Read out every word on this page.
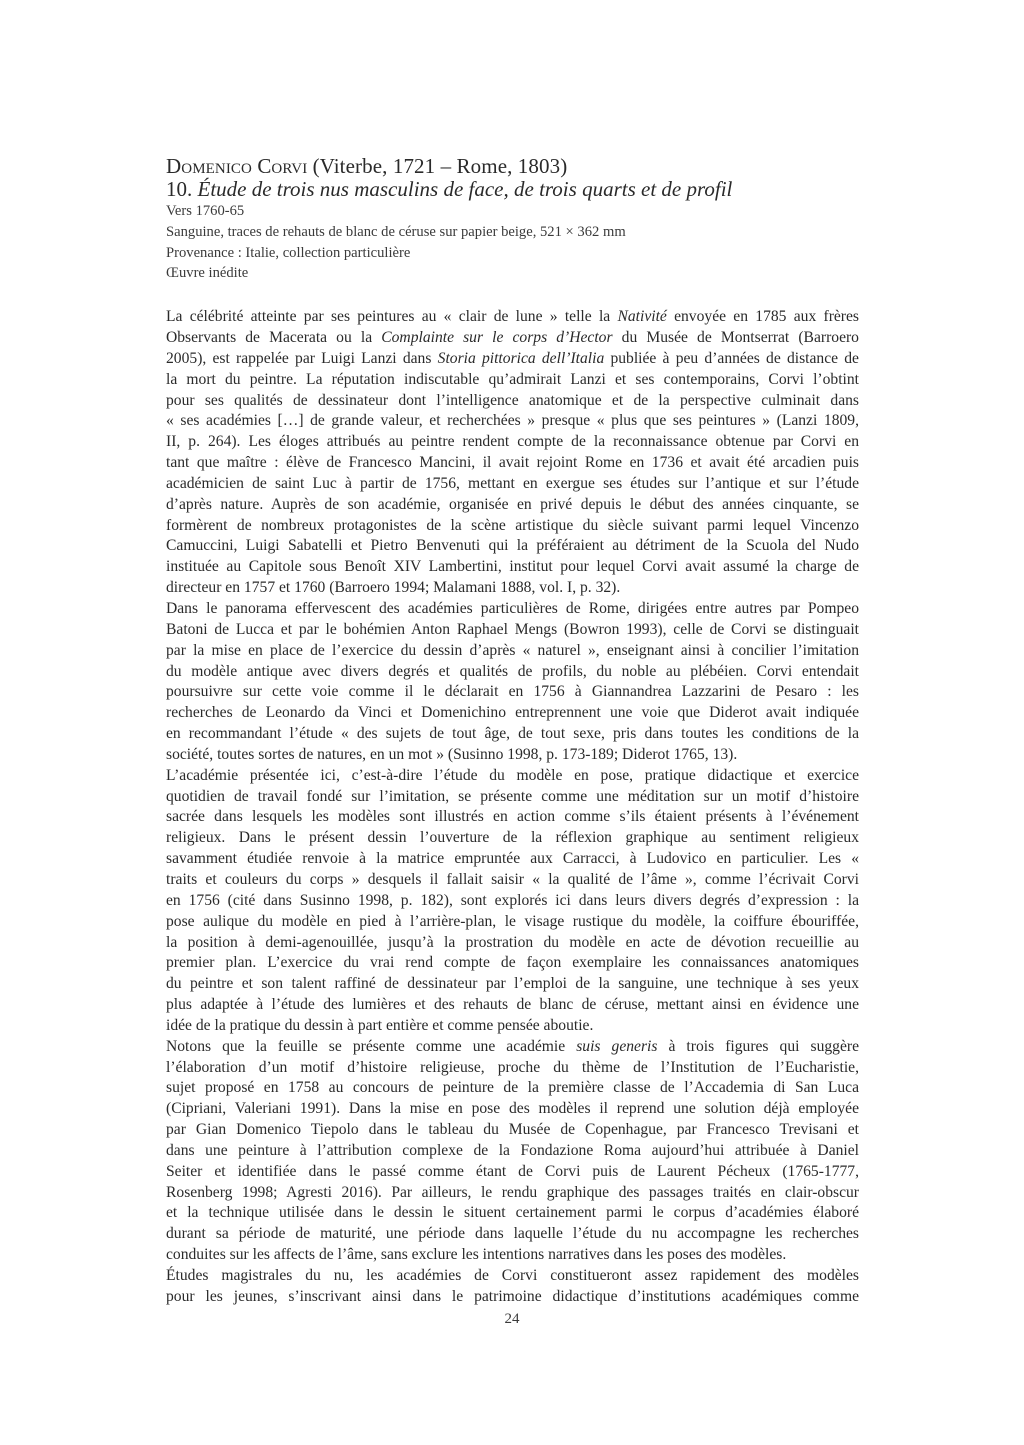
Domenico Corvi (Viterbe, 1721 – Rome, 1803)
10. Étude de trois nus masculins de face, de trois quarts et de profil
Vers 1760-65
Sanguine, traces de rehauts de blanc de céruse sur papier beige, 521 × 362 mm
Provenance : Italie, collection particulière
Œuvre inédite

La célébrité atteinte par ses peintures au « clair de lune » telle la Nativité envoyée en 1785 aux frères
Observants de Macerata ou la Complainte sur le corps d’Hector du Musée de Montserrat (Barroero
2005), est rappelée par Luigi Lanzi dans Storia pittorica dell’Italia publiée à peu d’années de distance de
la mort du peintre. La réputation indiscutable qu’admirait Lanzi et ses contemporains, Corvi l’obtint
pour ses qualités de dessinateur dont l’intelligence anatomique et de la perspective culminait dans
« ses académies […] de grande valeur, et recherchées » presque « plus que ses peintures » (Lanzi 1809,
II, p. 264). Les éloges attribués au peintre rendent compte de la reconnaissance obtenue par Corvi en
tant que maître : élève de Francesco Mancini, il avait rejoint Rome en 1736 et avait été arcadien puis
académicien de saint Luc à partir de 1756, mettant en exergue ses études sur l’antique et sur l’étude
d’après nature. Auprès de son académie, organisée en privé depuis le début des années cinquante, se
formèrent de nombreux protagonistes de la scène artistique du siècle suivant parmi lequel Vincenzo
Camuccini, Luigi Sabatelli et Pietro Benvenuti qui la préféraient au détriment de la Scuola del Nudo
instituée au Capitole sous Benoît XIV Lambertini, institut pour lequel Corvi avait assumé la charge de
directeur en 1757 et 1760 (Barroero 1994; Malamani 1888, vol. I, p. 32).

Dans le panorama effervescent des académies particulières de Rome, dirigées entre autres par Pompeo
Batoni de Lucca et par le bohémien Anton Raphael Mengs (Bowron 1993), celle de Corvi se distinguait
par la mise en place de l’exercice du dessin d’après « naturel », enseignant ainsi à concilier l’imitation
du modèle antique avec divers degrés et qualités de profils, du noble au plébéien. Corvi entendait
poursuivre sur cette voie comme il le déclarait en 1756 à Giannandrea Lazzarini de Pesaro : les
recherches de Leonardo da Vinci et Domenichino entreprennent une voie que Diderot avait indiquée
en recommandant l’étude « des sujets de tout âge, de tout sexe, pris dans toutes les conditions de la
société, toutes sortes de natures, en un mot » (Susinno 1998, p. 173-189; Diderot 1765, 13).

L’académie présentée ici, c’est-à-dire l’étude du modèle en pose, pratique didactique et exercice
quotidien de travail fondé sur l’imitation, se présente comme une méditation sur un motif d’histoire
sacrée dans lesquels les modèles sont illustrés en action comme s’ils étaient présents à l’événement
religieux. Dans le présent dessin l’ouverture de la réflexion graphique au sentiment religieux
savamment étudiée renvoie à la matrice empruntée aux Carracci, à Ludovico en particulier. Les «
traits et couleurs du corps » desquels il fallait saisir « la qualité de l’âme », comme l’écrivait Corvi
en 1756 (cité dans Susinno 1998, p. 182), sont explorés ici dans leurs divers degrés d’expression : la
pose aulique du modèle en pied à l’arrière-plan, le visage rustique du modèle, la coiffure ébouriffée,
la position à demi-agenouillée, jusqu’à la prostration du modèle en acte de dévotion recueillie au
premier plan. L’exercice du vrai rend compte de façon exemplaire les connaissances anatomiques
du peintre et son talent raffiné de dessinateur par l’emploi de la sanguine, une technique à ses yeux
plus adaptée à l’étude des lumières et des rehauts de blanc de céruse, mettant ainsi en évidence une
idée de la pratique du dessin à part entière et comme pensée aboutie.

Notons que la feuille se présente comme une académie suis generis à trois figures qui suggère
l’élaboration d’un motif d’histoire religieuse, proche du thème de l’Institution de l’Eucharistie,
sujet proposé en 1758 au concours de peinture de la première classe de l’Accademia di San Luca
(Cipriani, Valeriani 1991). Dans la mise en pose des modèles il reprend une solution déjà employée
par Gian Domenico Tiepolo dans le tableau du Musée de Copenhague, par Francesco Trevisani et
dans une peinture à l’attribution complexe de la Fondazione Roma aujourd’hui attribuée à Daniel
Seiter et identifiée dans le passé comme étant de Corvi puis de Laurent Pécheux (1765-1777,
Rosenberg 1998; Agresti 2016). Par ailleurs, le rendu graphique des passages traités en clair-obscur
et la technique utilisée dans le dessin le situent certainement parmi le corpus d’académies élaboré
durant sa période de maturité, une période dans laquelle l’étude du nu accompagne les recherches
conduites sur les affects de l’âme, sans exclure les intentions narratives dans les poses des modèles.

Études magistrales du nu, les académies de Corvi constitueront assez rapidement des modèles
pour les jeunes, s’inscrivant ainsi dans le patrimoine didactique d’institutions académiques comme

24
